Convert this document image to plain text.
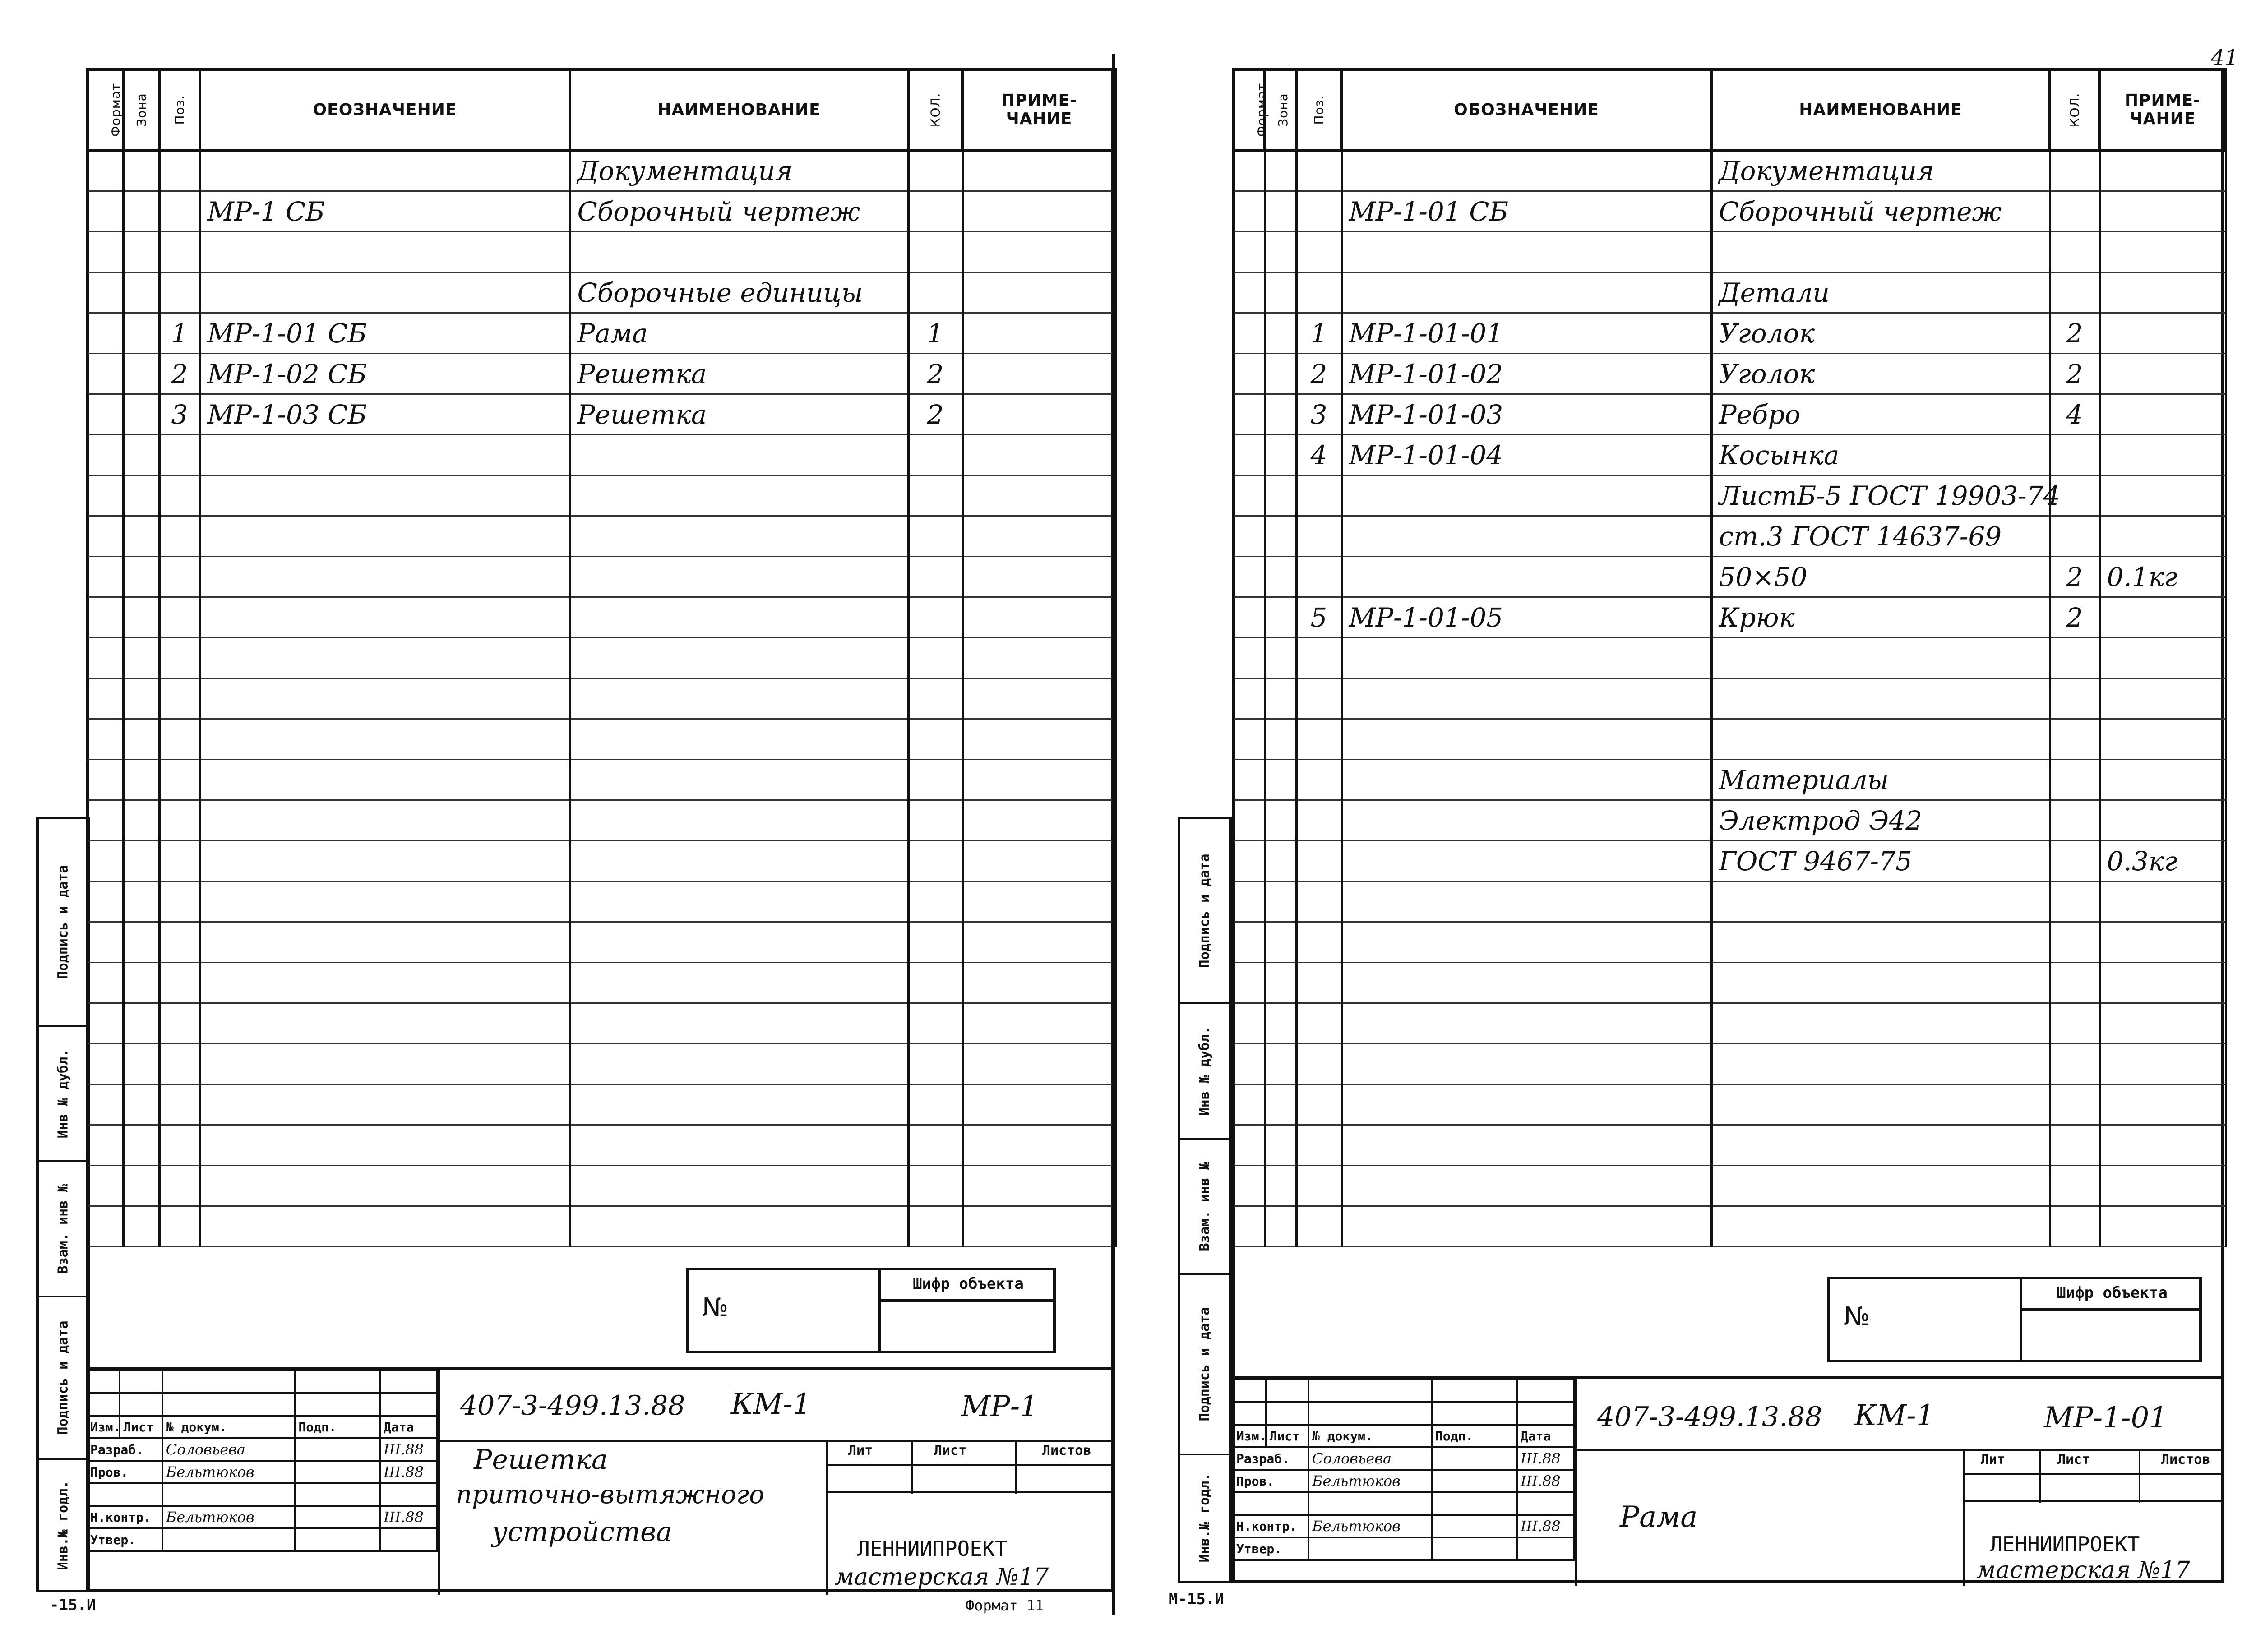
41
Подпись и дата
Инв № дубл.
Взам. инв №
Подпись и дата
Инв.№ годл.
Формат	Зона	Поз.	ОЕОЗНАЧЕНИЕ	НАИМЕНОВАНИЕ	КОЛ.	ПРИМЕ-ЧАНИЕ
				Документация		
			МР-1 СБ	Сборочный чертеж		

				Сборочные единицы		
		1	МР-1-01 СБ	Рама	1	
		2	МР-1-02 СБ	Решетка	2	
		3	МР-1-03 СБ	Решетка	2	

№
Шифр объекта

Изм.	Лист	№ докум.	Подп.	Дата
Разраб.		Соловьева		III.88
Пров.		Бельтюков		III.88

Н.контр.		Бельтюков		III.88
Утвер.				
407-3-499.13.88 КМ-1	МР-1
Решетка
приточно-вытяжного
устройства
Лит	Лист	Листов
ЛЕННИИПРОЕКТ
мастерская №17
Формат 11
-15.И
Подпись и дата
Инв № дубл.
Взам. инв №
Подпись и дата
Инв.№ годл.
Формат	Зона	Поз.	ОБОЗНАЧЕНИЕ	НАИМЕНОВАНИЕ	КОЛ.	ПРИМЕ-ЧАНИЕ
				Документация		
			МР-1-01 СБ	Сборочный чертеж		

				Детали		
		1	МР-1-01-01	Уголок	2	
		2	МР-1-01-02	Уголок	2	
		3	МР-1-01-03	Ребро	4	
		4	МР-1-01-04	Косынка		
				ЛистБ-5 ГОСТ 19903-74		
				ст.3 ГОСТ 14637-69		
				50×50	2	0.1кг
		5	МР-1-01-05	Крюк	2	

				Материалы		
				Электрод Э42		
				ГОСТ 9467-75		0.3кг

№
Шифр объекта

Изм.	Лист	№ докум.	Подп.	Дата
Разраб.		Соловьева		III.88
Пров.		Бельтюков		III.88

Н.контр.		Бельтюков		III.88
Утвер.				
407-3-499.13.88 КМ-1	МР-1-01
Рама
Лит	Лист	Листов
ЛЕННИИПРОЕКТ
мастерская №17
М-15.И
